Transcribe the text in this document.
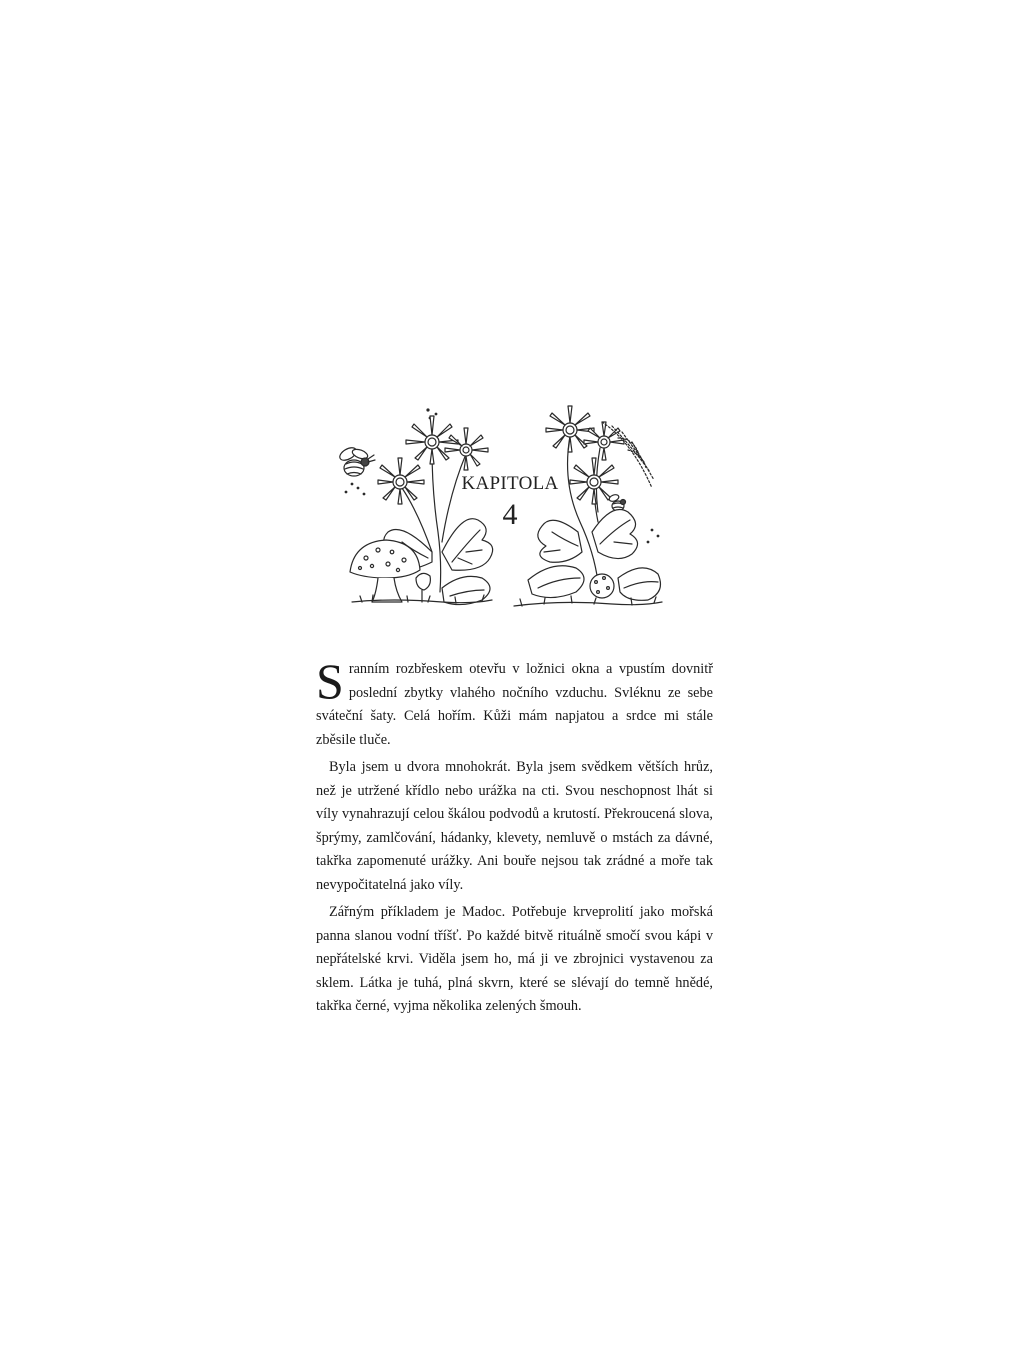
KAPITOLA
4

Sranním rozbřeskem otevřu v ložnici okna a vpustím dovnitř poslední zbytky vlahého nočního vzduchu. Svléknu ze sebe sváteční šaty. Celá hořím. Kůži mám napjatou a srdce mi stále zběsile tluče.

Byla jsem u dvora mnohokrát. Byla jsem svědkem větších hrůz, než je utržené křídlo nebo urážka na cti. Svou neschopnost lhát si víly vynahrazují celou škálou podvodů a krutostí. Překroucená slova, šprýmy, zamlčování, hádanky, klevety, nemluvě o mstách za dávné, takřka zapomenuté urážky. Ani bouře nejsou tak zrádné a moře tak nevypočitatelná jako víly.

Zářným příkladem je Madoc. Potřebuje krveprolití jako mořská panna slanou vodní tříšť. Po každé bitvě rituálně smočí svou kápi v nepřátelské krvi. Viděla jsem ho, má ji ve zbrojnici vystavenou za sklem. Látka je tuhá, plná skvrn, které se slévají do temně hnědé, takřka černé, vyjma několika zelených šmouh.
